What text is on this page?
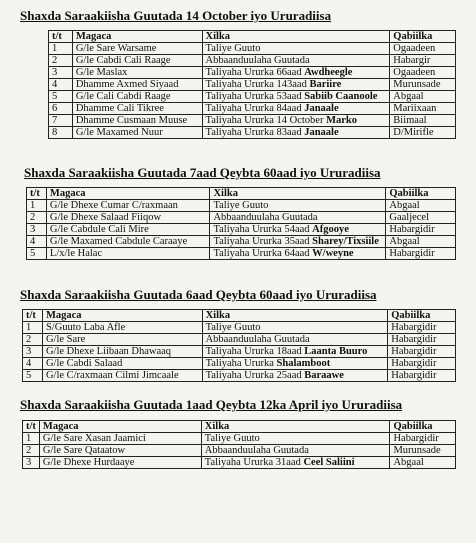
Shaxda Saraakiisha Guutada 14 October iyo Ururadiisa
t/t	Magaca	Xilka	Qabiilka
1	G/le Sare Warsame	Taliye Guuto	Ogaadeen
2	G/le Cabdi Cali Raage	Abbaanduulaha Guutada	Habargir
3	G/le Maslax	Taliyaha Ururka 66aad Awdheegle	Ogaadeen
4	Dhamme Axmed Siyaad	Taliyaha Ururka 143aad Bariire	Murunsade
5	G/le Cali Cabdi Raage	Taliyaha Ururka 53aad Sabiib Caanoole	Abgaal
6	Dhamme Cali Tikree	Taliyaha Ururka 84aad Janaale	Mariixaan
7	Dhamme Cusmaan Muuse	Taliyaha Ururka 14 October Marko	Biimaal
8	G/le Maxamed Nuur	Taliyaha Ururka 83aad Janaale	D/Mirifle
Shaxda Saraakiisha Guutada 7aad Qeybta 60aad iyo Ururadiisa
t/t	Magaca	Xilka	Qabiilka
1	G/le Dhexe Cumar C/raxmaan	Taliye Guuto	Abgaal
2	G/le Dhexe Salaad Fiiqow	Abbaanduulaha Guutada	Gaaljecel
3	G/le Cabdule Cali Mire	Taliyaha Ururka 54aad Afgooye	Habargidir
4	G/le Maxamed Cabdule Caraaye	Taliyaha Ururka 35aad Sharey/Tixsiile	Abgaal
5	L/x/le Halac	Taliyaha Ururka 64aad W/weyne	Habargidir
Shaxda Saraakiisha Guutada 6aad Qeybta 60aad iyo Ururadiisa
t/t	Magaca	Xilka	Qabiilka
1	S/Guuto Laba Afle	Taliye Guuto	Habargidir
2	G/le Sare	Abbaanduulaha Guutada	Habargidir
3	G/le Dhexe Liibaan Dhawaaq	Taliyaha Ururka 18aad Laanta Buuro	Habargidir
4	G/le Cabdi Salaad	Taliyaha Ururka Shalamboot	Habargidir
5	G/le C/raxmaan Cilmi Jimcaale	Taliyaha Ururka 25aad Baraawe	Habargidir
Shaxda Saraakiisha Guutada 1aad Qeybta 12ka April iyo Ururadiisa
t/t	Magaca	Xilka	Qabiilka
1	G/le Sare Xasan Jaamici	Taliye Guuto	Habargidir
2	G/le Sare Qataatow	Abbaanduulaha Guutada	Murunsade
3	G/le Dhexe Hurdaaye	Taliyaha Ururka 31aad Ceel Saliini	Abgaal
